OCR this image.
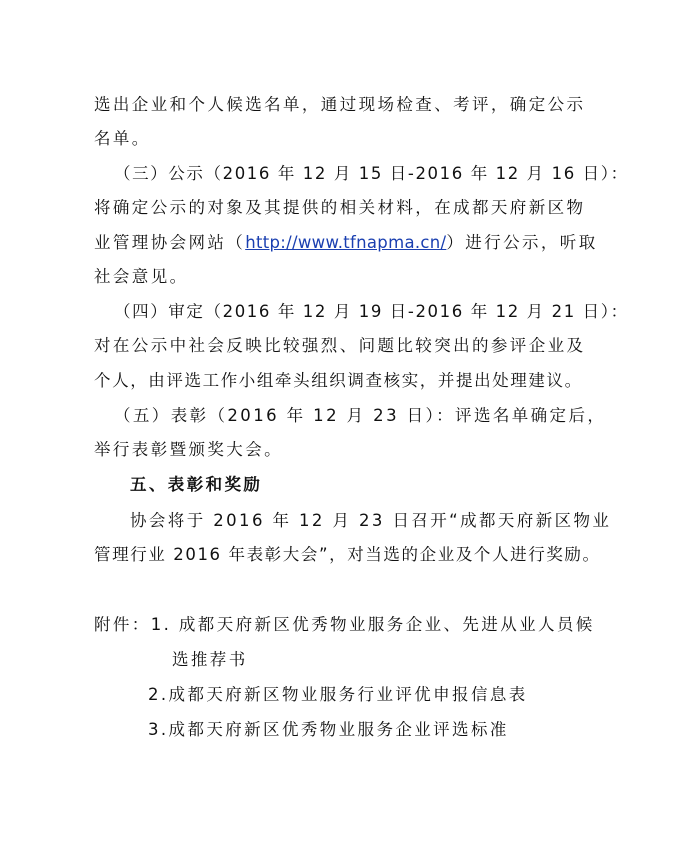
选出企业和个人候选名单，通过现场检查、考评，确定公示
名单。
（三）公示（2016 年 12 月 15 日-2016 年 12 月 16 日）：
将确定公示的对象及其提供的相关材料，在成都天府新区物
业管理协会网站（http://www.tfnapma.cn/）进行公示，听取
社会意见。
（四）审定（2016 年 12 月 19 日-2016 年 12 月 21 日）：
对在公示中社会反映比较强烈、问题比较突出的参评企业及
个人，由评选工作小组牵头组织调查核实，并提出处理建议。
（五）表彰（2016 年 12 月 23 日）：评选名单确定后，
举行表彰暨颁奖大会。
五、表彰和奖励
协会将于 2016 年 12 月 23 日召开“成都天府新区物业
管理行业 2016 年表彰大会”，对当选的企业及个人进行奖励。
附件：1. 成都天府新区优秀物业服务企业、先进从业人员候
选推荐书
2.成都天府新区物业服务行业评优申报信息表
3.成都天府新区优秀物业服务企业评选标准
